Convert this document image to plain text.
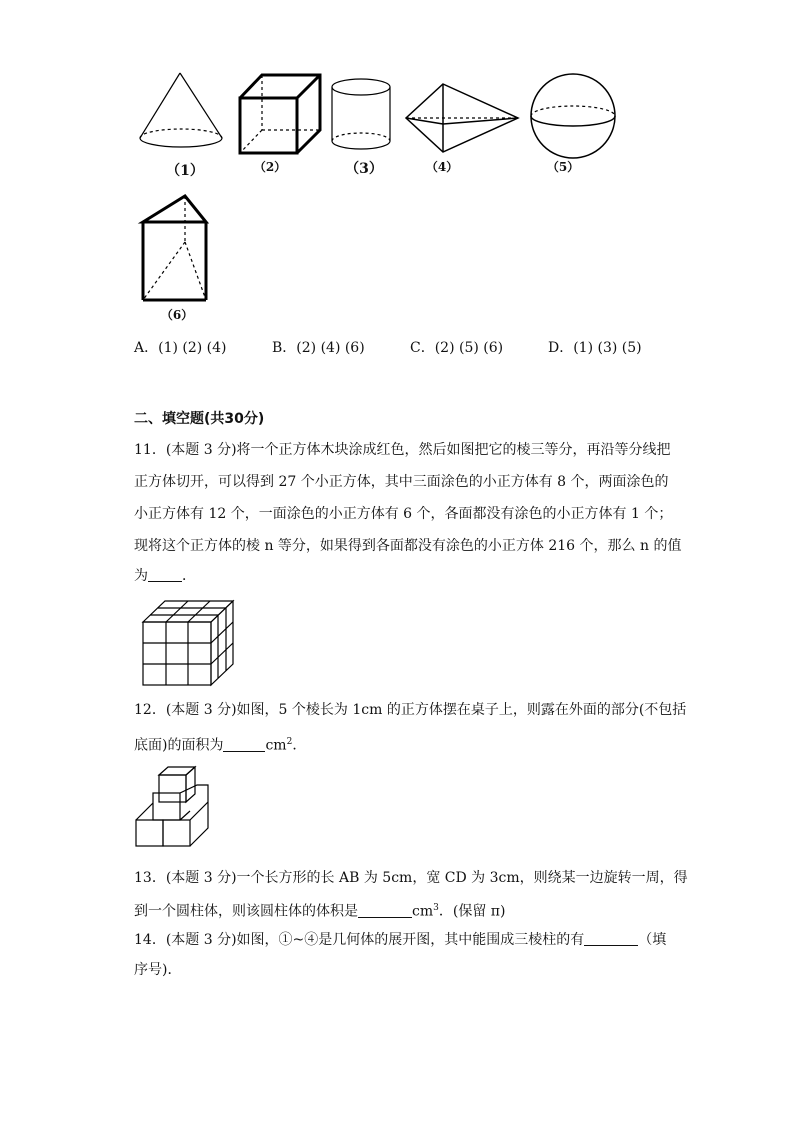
（1）	（2）	（3）	（4）	（5）
（6）
A．(1) (2) (4)	B．(2) (4) (6)	C．(2) (5) (6)	D．(1) (3) (5)
二、填空题(共30分)
11．(本题 3 分)将一个正方体木块涂成红色，然后如图把它的棱三等分，再沿等分线把
正方体切开，可以得到 27 个小正方体，其中三面涂色的小正方体有 8 个，两面涂色的
小正方体有 12 个，一面涂色的小正方体有 6 个，各面都没有涂色的小正方体有 1 个；
现将这个正方体的棱 n 等分，如果得到各面都没有涂色的小正方体 216 个，那么 n 的值
为 ．
12．(本题 3 分)如图，5 个棱长为 1cm 的正方体摆在桌子上，则露在外面的部分(不包括
底面)的面积为	$cm^2$．
13．(本题 3 分)一个长方形的长 AB 为 5cm，宽 CD 为 3cm，则绕某一边旋转一周，得
到一个圆柱体，则该圆柱体的体积是	$cm^3$．(保留 π)
14．(本题 3 分)如图，①~④是几何体的展开图，其中能围成三棱柱的有	（填
序号)．
